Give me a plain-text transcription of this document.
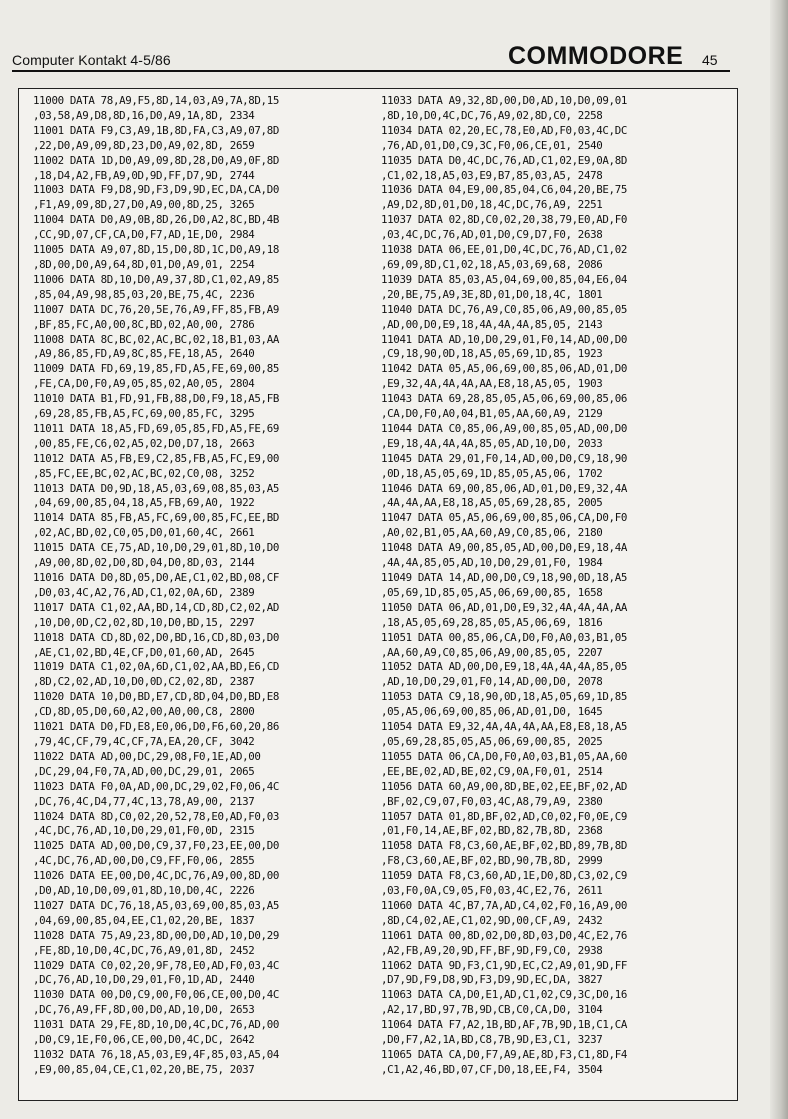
Computer Kontakt 4-5/86	COMMODORE 45
11000 DATA 78,A9,F5,8D,14,03,A9,7A,8D,15
,03,58,A9,D8,8D,16,D0,A9,1A,8D, 2334
11001 DATA F9,C3,A9,1B,8D,FA,C3,A9,07,8D
,22,D0,A9,09,8D,23,D0,A9,02,8D, 2659
11002 DATA 1D,D0,A9,09,8D,28,D0,A9,0F,8D
,18,D4,A2,FB,A9,0D,9D,FF,D7,9D, 2744
11003 DATA F9,D8,9D,F3,D9,9D,EC,DA,CA,D0
,F1,A9,09,8D,27,D0,A9,00,8D,25, 3265
11004 DATA D0,A9,0B,8D,26,D0,A2,8C,BD,4B
,CC,9D,07,CF,CA,D0,F7,AD,1E,D0, 2984
11005 DATA A9,07,8D,15,D0,8D,1C,D0,A9,18
,8D,00,D0,A9,64,8D,01,D0,A9,01, 2254
11006 DATA 8D,10,D0,A9,37,8D,C1,02,A9,85
,85,04,A9,98,85,03,20,BE,75,4C, 2236
11007 DATA DC,76,20,5E,76,A9,FF,85,FB,A9
,BF,85,FC,A0,00,8C,BD,02,A0,00, 2786
11008 DATA 8C,BC,02,AC,BC,02,18,B1,03,AA
,A9,86,85,FD,A9,8C,85,FE,18,A5, 2640
11009 DATA FD,69,19,85,FD,A5,FE,69,00,85
,FE,CA,D0,F0,A9,05,85,02,A0,05, 2804
11010 DATA B1,FD,91,FB,88,D0,F9,18,A5,FB
,69,28,85,FB,A5,FC,69,00,85,FC, 3295
11011 DATA 18,A5,FD,69,05,85,FD,A5,FE,69
,00,85,FE,C6,02,A5,02,D0,D7,18, 2663
11012 DATA A5,FB,E9,C2,85,FB,A5,FC,E9,00
,85,FC,EE,BC,02,AC,BC,02,C0,08, 3252
11013 DATA D0,9D,18,A5,03,69,08,85,03,A5
,04,69,00,85,04,18,A5,FB,69,A0, 1922
11014 DATA 85,FB,A5,FC,69,00,85,FC,EE,BD
,02,AC,BD,02,C0,05,D0,01,60,4C, 2661
11015 DATA CE,75,AD,10,D0,29,01,8D,10,D0
,A9,00,8D,02,D0,8D,04,D0,8D,03, 2144
11016 DATA D0,8D,05,D0,AE,C1,02,BD,08,CF
,D0,03,4C,A2,76,AD,C1,02,0A,6D, 2389
11017 DATA C1,02,AA,BD,14,CD,8D,C2,02,AD
,10,D0,0D,C2,02,8D,10,D0,BD,15, 2297
11018 DATA CD,8D,02,D0,BD,16,CD,8D,03,D0
,AE,C1,02,BD,4E,CF,D0,01,60,AD, 2645
11019 DATA C1,02,0A,6D,C1,02,AA,BD,E6,CD
,8D,C2,02,AD,10,D0,0D,C2,02,8D, 2387
11020 DATA 10,D0,BD,E7,CD,8D,04,D0,BD,E8
,CD,8D,05,D0,60,A2,00,A0,00,C8, 2800
11021 DATA D0,FD,E8,E0,06,D0,F6,60,20,86
,79,4C,CF,79,4C,CF,7A,EA,20,CF, 3042
11022 DATA AD,00,DC,29,08,F0,1E,AD,00
,DC,29,04,F0,7A,AD,00,DC,29,01, 2065
11023 DATA F0,0A,AD,00,DC,29,02,F0,06,4C
,DC,76,4C,D4,77,4C,13,78,A9,00, 2137
11024 DATA 8D,C0,02,20,52,78,E0,AD,F0,03
,4C,DC,76,AD,10,D0,29,01,F0,0D, 2315
11025 DATA AD,00,D0,C9,37,F0,23,EE,00,D0
,4C,DC,76,AD,00,D0,C9,FF,F0,06, 2855
11026 DATA EE,00,D0,4C,DC,76,A9,00,8D,00
,D0,AD,10,D0,09,01,8D,10,D0,4C, 2226
11027 DATA DC,76,18,A5,03,69,00,85,03,A5
,04,69,00,85,04,EE,C1,02,20,BE, 1837
11028 DATA 75,A9,23,8D,00,D0,AD,10,D0,29
,FE,8D,10,D0,4C,DC,76,A9,01,8D, 2452
11029 DATA C0,02,20,9F,78,E0,AD,F0,03,4C
,DC,76,AD,10,D0,29,01,F0,1D,AD, 2440
11030 DATA 00,D0,C9,00,F0,06,CE,00,D0,4C
,DC,76,A9,FF,8D,00,D0,AD,10,D0, 2653
11031 DATA 29,FE,8D,10,D0,4C,DC,76,AD,00
,D0,C9,1E,F0,06,CE,00,D0,4C,DC, 2642
11032 DATA 76,18,A5,03,E9,4F,85,03,A5,04
,E9,00,85,04,CE,C1,02,20,BE,75, 2037
11033 DATA A9,32,8D,00,D0,AD,10,D0,09,01
,8D,10,D0,4C,DC,76,A9,02,8D,C0, 2258
11034 DATA 02,20,EC,78,E0,AD,F0,03,4C,DC
,76,AD,01,D0,C9,3C,F0,06,CE,01, 2540
11035 DATA D0,4C,DC,76,AD,C1,02,E9,0A,8D
,C1,02,18,A5,03,E9,B7,85,03,A5, 2478
11036 DATA 04,E9,00,85,04,C6,04,20,BE,75
,A9,D2,8D,01,D0,18,4C,DC,76,A9, 2251
11037 DATA 02,8D,C0,02,20,38,79,E0,AD,F0
,03,4C,DC,76,AD,01,D0,C9,D7,F0, 2638
11038 DATA 06,EE,01,D0,4C,DC,76,AD,C1,02
,69,09,8D,C1,02,18,A5,03,69,68, 2086
11039 DATA 85,03,A5,04,69,00,85,04,E6,04
,20,BE,75,A9,3E,8D,01,D0,18,4C, 1801
11040 DATA DC,76,A9,C0,85,06,A9,00,85,05
,AD,00,D0,E9,18,4A,4A,4A,85,05, 2143
11041 DATA AD,10,D0,29,01,F0,14,AD,00,D0
,C9,18,90,0D,18,A5,05,69,1D,85, 1923
11042 DATA 05,A5,06,69,00,85,06,AD,01,D0
,E9,32,4A,4A,4A,AA,E8,18,A5,05, 1903
11043 DATA 69,28,85,05,A5,06,69,00,85,06
,CA,D0,F0,A0,04,B1,05,AA,60,A9, 2129
11044 DATA C0,85,06,A9,00,85,05,AD,00,D0
,E9,18,4A,4A,4A,85,05,AD,10,D0, 2033
11045 DATA 29,01,F0,14,AD,00,D0,C9,18,90
,0D,18,A5,05,69,1D,85,05,A5,06, 1702
11046 DATA 69,00,85,06,AD,01,D0,E9,32,4A
,4A,4A,AA,E8,18,A5,05,69,28,85, 2005
11047 DATA 05,A5,06,69,00,85,06,CA,D0,F0
,A0,02,B1,05,AA,60,A9,C0,85,06, 2180
11048 DATA A9,00,85,05,AD,00,D0,E9,18,4A
,4A,4A,85,05,AD,10,D0,29,01,F0, 1984
11049 DATA 14,AD,00,D0,C9,18,90,0D,18,A5
,05,69,1D,85,05,A5,06,69,00,85, 1658
11050 DATA 06,AD,01,D0,E9,32,4A,4A,4A,AA
,18,A5,05,69,28,85,05,A5,06,69, 1816
11051 DATA 00,85,06,CA,D0,F0,A0,03,B1,05
,AA,60,A9,C0,85,06,A9,00,85,05, 2207
11052 DATA AD,00,D0,E9,18,4A,4A,4A,85,05
,AD,10,D0,29,01,F0,14,AD,00,D0, 2078
11053 DATA C9,18,90,0D,18,A5,05,69,1D,85
,05,A5,06,69,00,85,06,AD,01,D0, 1645
11054 DATA E9,32,4A,4A,4A,AA,E8,E8,18,A5
,05,69,28,85,05,A5,06,69,00,85, 2025
11055 DATA 06,CA,D0,F0,A0,03,B1,05,AA,60
,EE,BE,02,AD,BE,02,C9,0A,F0,01, 2514
11056 DATA 60,A9,00,8D,BE,02,EE,BF,02,AD
,BF,02,C9,07,F0,03,4C,A8,79,A9, 2380
11057 DATA 01,8D,BF,02,AD,C0,02,F0,0E,C9
,01,F0,14,AE,BF,02,BD,82,7B,8D, 2368
11058 DATA F8,C3,60,AE,BF,02,BD,89,7B,8D
,F8,C3,60,AE,BF,02,BD,90,7B,8D, 2999
11059 DATA F8,C3,60,AD,1E,D0,8D,C3,02,C9
,03,F0,0A,C9,05,F0,03,4C,E2,76, 2611
11060 DATA 4C,B7,7A,AD,C4,02,F0,16,A9,00
,8D,C4,02,AE,C1,02,9D,00,CF,A9, 2432
11061 DATA 00,8D,02,D0,8D,03,D0,4C,E2,76
,A2,FB,A9,20,9D,FF,BF,9D,F9,C0, 2938
11062 DATA 9D,F3,C1,9D,EC,C2,A9,01,9D,FF
,D7,9D,F9,D8,9D,F3,D9,9D,EC,DA, 3827
11063 DATA CA,D0,E1,AD,C1,02,C9,3C,D0,16
,A2,17,BD,97,7B,9D,CB,C0,CA,D0, 3104
11064 DATA F7,A2,1B,BD,AF,7B,9D,1B,C1,CA
,D0,F7,A2,1A,BD,C8,7B,9D,E3,C1, 3237
11065 DATA CA,D0,F7,A9,AE,8D,F3,C1,8D,F4
,C1,A2,46,BD,07,CF,D0,18,EE,F4, 3504
